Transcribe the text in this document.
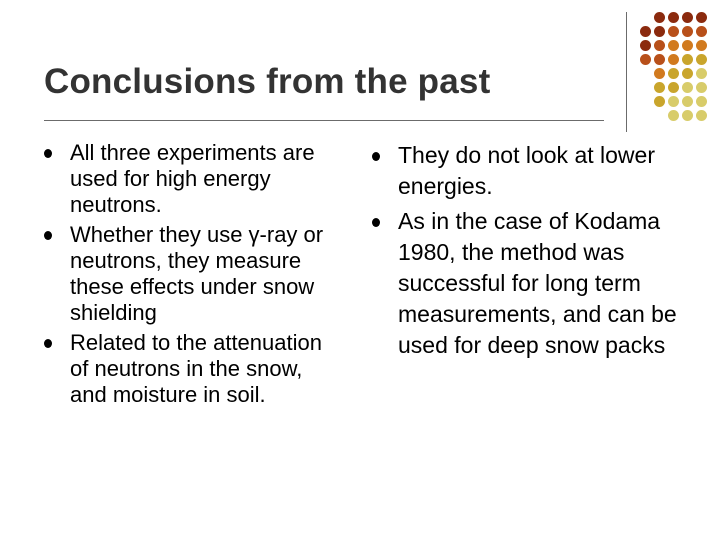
Conclusions from the past
All three experiments are used for high energy neutrons.
Whether they use γ-ray or neutrons, they measure these effects under snow shielding
Related to the attenuation of neutrons in the snow, and moisture in soil.
They do not look at lower energies.
As in the case of Kodama 1980, the method was successful for long term measurements, and can be used for deep snow packs
